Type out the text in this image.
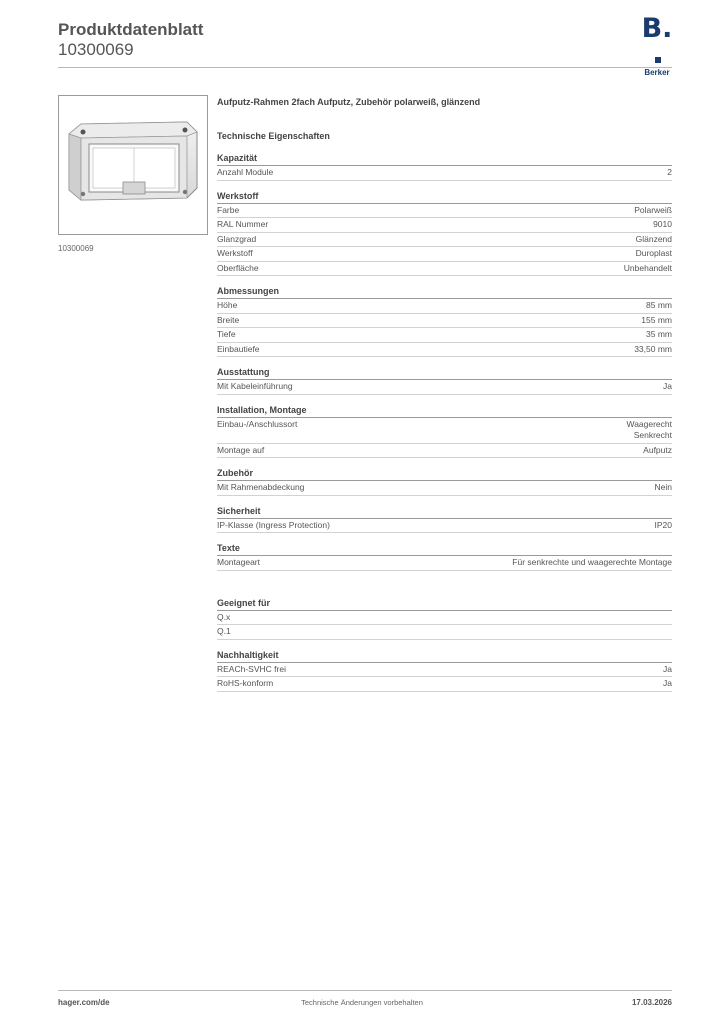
Produktdatenblatt
10300069
B.
Berker
10300069
Aufputz-Rahmen 2fach Aufputz, Zubehör polarweiß, glänzend
Technische Eigenschaften
Kapazität
Anzahl Module	2
Werkstoff
Farbe	Polarweiß
RAL Nummer	9010
Glanzgrad	Glänzend
Werkstoff	Duroplast
Oberfläche	Unbehandelt
Abmessungen
Höhe	85 mm
Breite	155 mm
Tiefe	35 mm
Einbautiefe	33,50 mm
Ausstattung
Mit Kabeleinführung	Ja
Installation, Montage
Einbau-/Anschlussort	Waagerecht
Senkrecht
Montage auf	Aufputz
Zubehör
Mit Rahmenabdeckung	Nein
Sicherheit
IP-Klasse (Ingress Protection)	IP20
Texte
Montageart	Für senkrechte und waagerechte Montage
Geeignet für
Q.x
Q.1
Nachhaltigkeit
REACh-SVHC frei	Ja
RoHS-konform	Ja
hager.com/de	Technische Änderungen vorbehalten	17.03.2026
